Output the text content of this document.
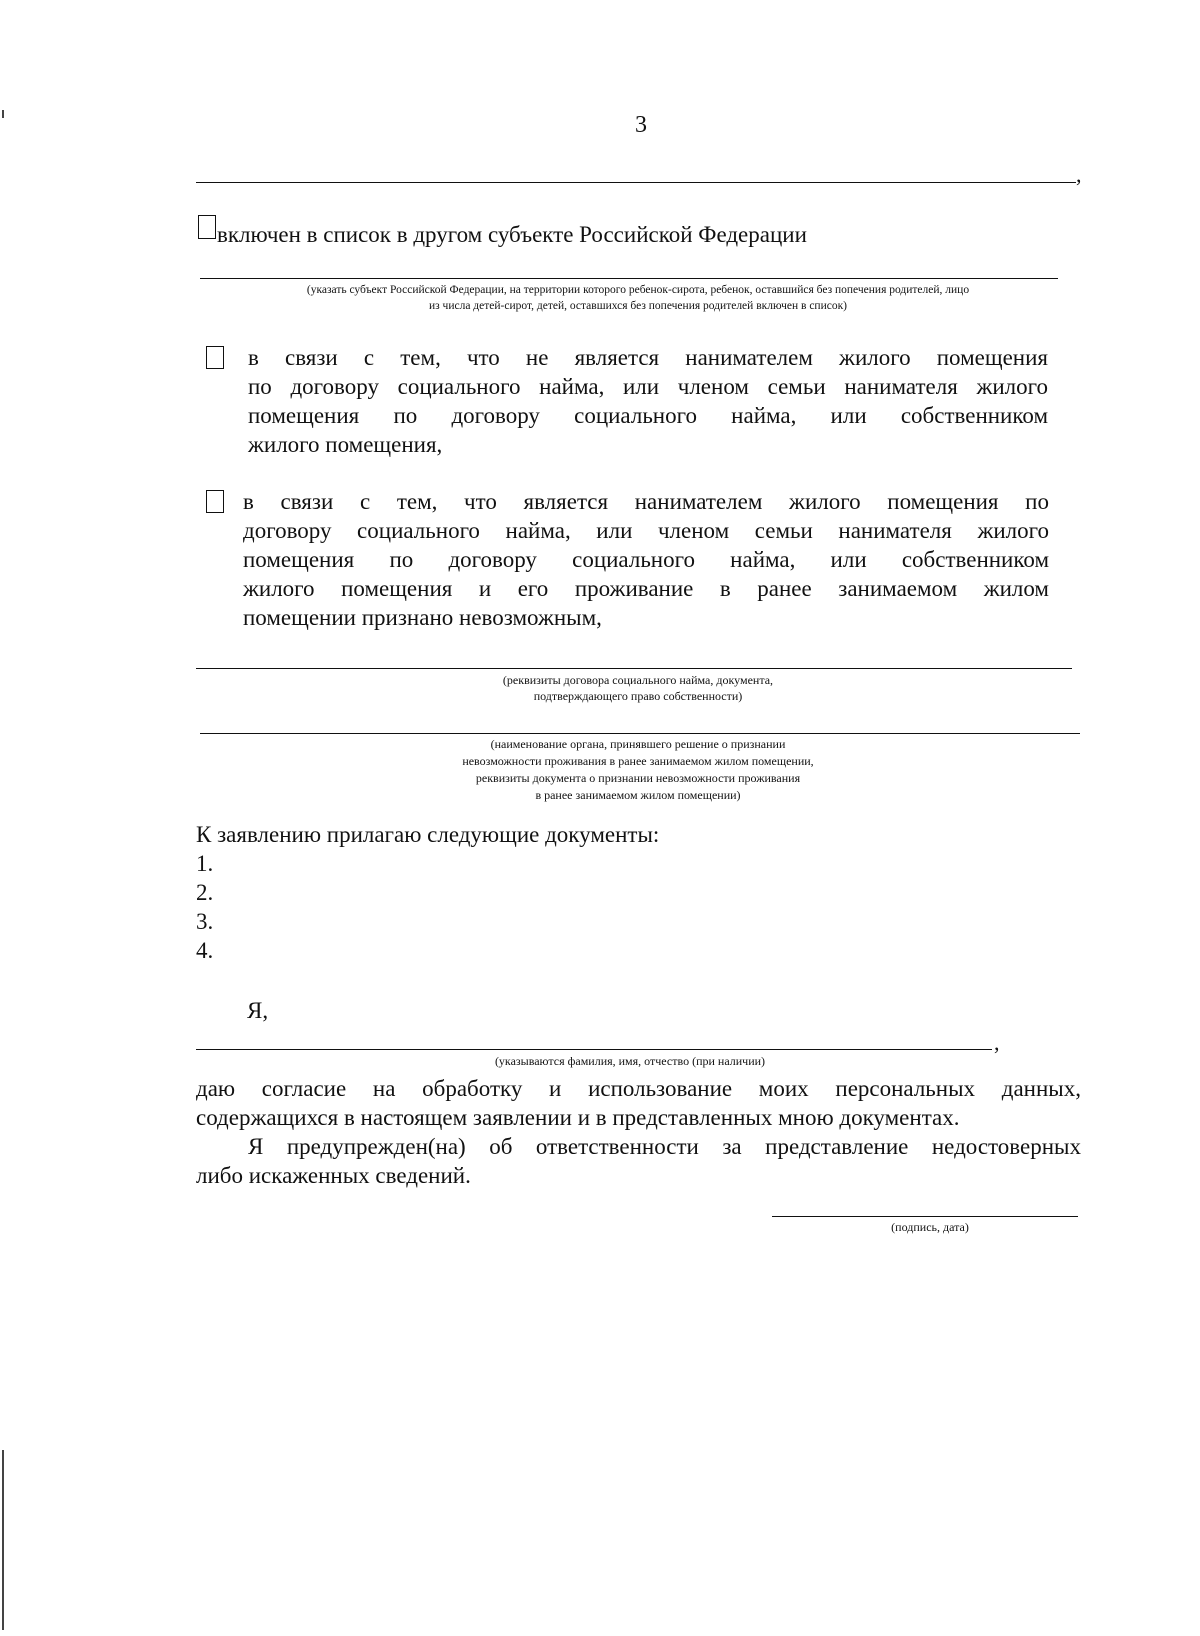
3
,
включен в список в другом субъекте Российской Федерации
(указать субъект Российской Федерации, на территории которого ребенок-сирота, ребенок, оставшийся без попечения родителей, лицо
из числа детей-сирот, детей, оставшихся без попечения родителей включен в список)
в связи с тем, что не является нанимателем жилого помещения
по договору социального найма, или членом семьи нанимателя жилого
помещения по договору социального найма, или собственником
жилого помещения,
в связи с тем, что является нанимателем жилого помещения по
договору социального найма, или членом семьи нанимателя жилого
помещения по договору социального найма, или собственником
жилого помещения и его проживание в ранее занимаемом жилом
помещении признано невозможным,
(реквизиты договора социального найма, документа,
подтверждающего право собственности)
(наименование органа, принявшего решение о признании
невозможности проживания в ранее занимаемом жилом помещении,
реквизиты документа о признании невозможности проживания
в ранее занимаемом жилом помещении)
К заявлению прилагаю следующие документы:
1.
2.
3.
4.
Я,
,
(указываются фамилия, имя, отчество (при наличии)
даю согласие на обработку и использование моих персональных данных,
содержащихся в настоящем заявлении и в представленных мною документах.
Я предупрежден(на) об ответственности за представление недостоверных
либо искаженных сведений.
(подпись, дата)
